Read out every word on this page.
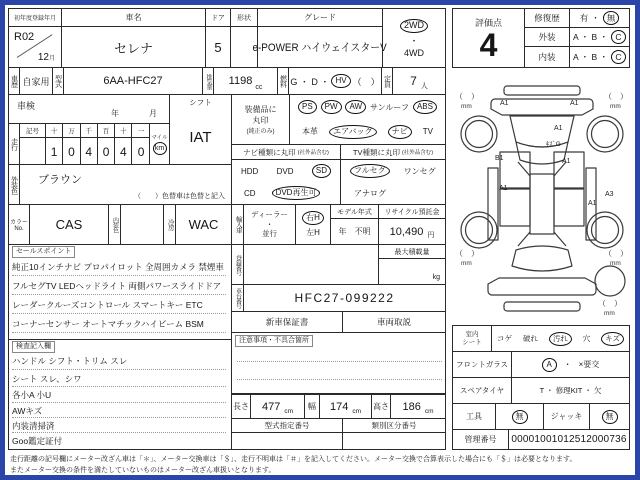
初年度登録年月
R02
12月
車名
セレナ
ドア
5
形状	グレード
e-POWER ハイウェイスターV
2WD
・
4WD
車歴 自家用 型式	6AA-HFC27	排気量 1198
cc
燃料 G ・ D ・ HV （　） 定員 7 人
車検
年	月
走行
記号	十	万	千	百	十	一
1 0 4 0 4 0
マイル
km
シフト
IAT
装備品に
丸印
(純正のみ)
PS	PW	AW サンルーフ ABS
本革	エアバッグ	ナビ	TV
ナビ種類に丸印 (社外品含む)
HDD DVD	SD
CD	DVD再生可
TV種類に丸印 (社外品含む)
フルセグ	ワンセグ
アナログ
外装色 ブラウン
（　　）色替車は色替と記入
カラー
No.	CAS	内装色	冷房	WAC	輸入車
ディーラー
・
並行
右H
左H
モデル年式
年 不明
リサイクル預託金
10,490 円
登録番号
最大積載量
kg
車台番号	HFC27-099222
新車保証書	車両取説
注意事項・不具合箇所
セールスポイント
純正10インチナビ プロパイロット 全周囲カメラ 禁煙車
フルセグTV LEDヘッドライト 両側パワースライドドア
レーダークルーズコントロール スマートキー ETC
コーナーセンサー オートマチックハイビーム BSM
検査記入欄
ハンドル シフト・トリム スレ
シート スレ、シワ
各小A 小U
AWキズ
内装清掃済
Goo鑑定証付
長さ 477 cm
幅 174 cm
高さ 186 cm
型式指定番号	類別区分番号
評価点
4
修復歴	有 ・ 無
外装	A ・ B ・ C
内装	A ・ B ・ C
A1	A1
A1
ｷｽﾞG
A1
B1
A1
A3
A1
（　）
mm
（　）
mm
（　）
mm
（　）
mm
（　）
mm
室内
シート コゲ 破れ	汚れ	穴	キズ
フロントガラス	A	・ ×要交
スペアタイヤ	T ・ 修理KIT ・ 欠
工具	無	ジャッキ	無
管理番号	00001001012512000736
走行距離の記号欄にメーター改ざん車は「＊」、メーター交換車は「＄」、走行不明車は「＃」を記入してください。メーター交換で合算表示した場合にも「＄」は必要となります。
またメーター交換の条件を満たしていないものはメーター改ざん車扱いとなります。
